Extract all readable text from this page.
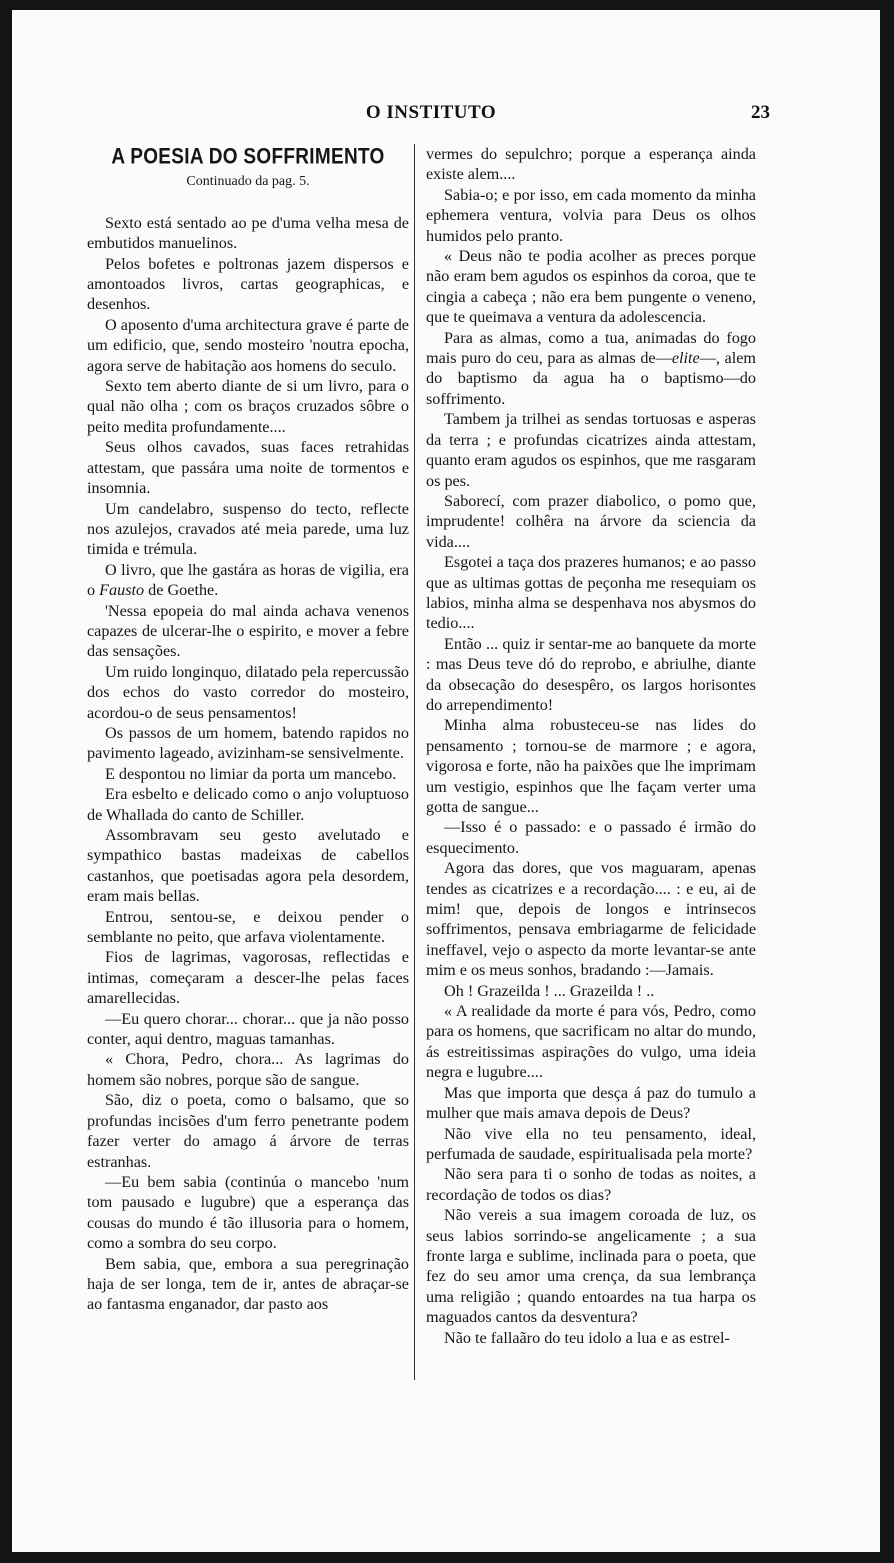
O INSTITUTO	23
A POESIA DO SOFFRIMENTO
Continuado da pag. 5.

Sexto está sentado ao pe d'uma velha mesa de embutidos manuelinos.

Pelos bofetes e poltronas jazem dispersos e amontoados livros, cartas geographicas, e desenhos.

O aposento d'uma architectura grave é parte de um edificio, que, sendo mosteiro 'noutra epocha, agora serve de habitação aos homens do seculo.

Sexto tem aberto diante de si um livro, para o qual não olha ; com os braços cruzados sôbre o peito medita profundamente....

Seus olhos cavados, suas faces retrahidas attestam, que passára uma noite de tormentos e insomnia.

Um candelabro, suspenso do tecto, reflecte nos azulejos, cravados até meia parede, uma luz timida e trémula.

O livro, que lhe gastára as horas de vigilia, era o Fausto de Goethe.

'Nessa epopeia do mal ainda achava venenos capazes de ulcerar-lhe o espirito, e mover a febre das sensações.

Um ruido longinquo, dilatado pela repercussão dos echos do vasto corredor do mosteiro, acordou-o de seus pensamentos!

Os passos de um homem, batendo rapidos no pavimento lageado, avizinham-se sensivelmente.

E despontou no limiar da porta um mancebo.

Era esbelto e delicado como o anjo voluptuoso de Whallada do canto de Schiller.

Assombravam seu gesto avelutado e sympathico bastas madeixas de cabellos castanhos, que poetisadas agora pela desordem, eram mais bellas.

Entrou, sentou-se, e deixou pender o semblante no peito, que arfava violentamente.

Fios de lagrimas, vagorosas, reflectidas e intimas, começaram a descer-lhe pelas faces amarellecidas.

—Eu quero chorar... chorar... que ja não posso conter, aqui dentro, maguas tamanhas.

« Chora, Pedro, chora... As lagrimas do homem são nobres, porque são de sangue.

São, diz o poeta, como o balsamo, que so profundas incisões d'um ferro penetrante podem fazer verter do amago á árvore de terras estranhas.

—Eu bem sabia (continúa o mancebo 'num tom pausado e lugubre) que a esperança das cousas do mundo é tão illusoria para o homem, como a sombra do seu corpo.

Bem sabia, que, embora a sua peregrinação haja de ser longa, tem de ir, antes de abraçar-se ao fantasma enganador, dar pasto aos

vermes do sepulchro; porque a esperança ainda existe alem....

Sabia-o; e por isso, em cada momento da minha ephemera ventura, volvia para Deus os olhos humidos pelo pranto.

« Deus não te podia acolher as preces porque não eram bem agudos os espinhos da coroa, que te cingia a cabeça ; não era bem pungente o veneno, que te queimava a ventura da adolescencia.

Para as almas, como a tua, animadas do fogo mais puro do ceu, para as almas de—elite—, alem do baptismo da agua ha o baptismo—do soffrimento.

Tambem ja trilhei as sendas tortuosas e asperas da terra ; e profundas cicatrizes ainda attestam, quanto eram agudos os espinhos, que me rasgaram os pes.

Saborecí, com prazer diabolico, o pomo que, imprudente! colhêra na árvore da sciencia da vida....

Esgotei a taça dos prazeres humanos; e ao passo que as ultimas gottas de peçonha me resequiam os labios, minha alma se despenhava nos abysmos do tedio....

Então ... quiz ir sentar-me ao banquete da morte : mas Deus teve dó do reprobo, e abriulhe, diante da obsecação do desespêro, os largos horisontes do arrependimento!

Minha alma robusteceu-se nas lides do pensamento ; tornou-se de marmore ; e agora, vigorosa e forte, não ha paixões que lhe imprimam um vestigio, espinhos que lhe façam verter uma gotta de sangue...

—Isso é o passado: e o passado é irmão do esquecimento.

Agora das dores, que vos maguaram, apenas tendes as cicatrizes e a recordação.... : e eu, ai de mim! que, depois de longos e intrinsecos soffrimentos, pensava embriagarme de felicidade ineffavel, vejo o aspecto da morte levantar-se ante mim e os meus sonhos, bradando :—Jamais.

Oh ! Grazeilda ! ... Grazeilda ! ..

« A realidade da morte é para vós, Pedro, como para os homens, que sacrificam no altar do mundo, ás estreitissimas aspirações do vulgo, uma ideia negra e lugubre....

Mas que importa que desça á paz do tumulo a mulher que mais amava depois de Deus?

Não vive ella no teu pensamento, ideal, perfumada de saudade, espiritualisada pela morte?

Não sera para ti o sonho de todas as noites, a recordação de todos os dias?

Não vereis a sua imagem coroada de luz, os seus labios sorrindo-se angelicamente ; a sua fronte larga e sublime, inclinada para o poeta, que fez do seu amor uma crença, da sua lembrança uma religião ; quando entoardes na tua harpa os maguados cantos da desventura?

Não te fallaãro do teu idolo a lua e as estrel-
